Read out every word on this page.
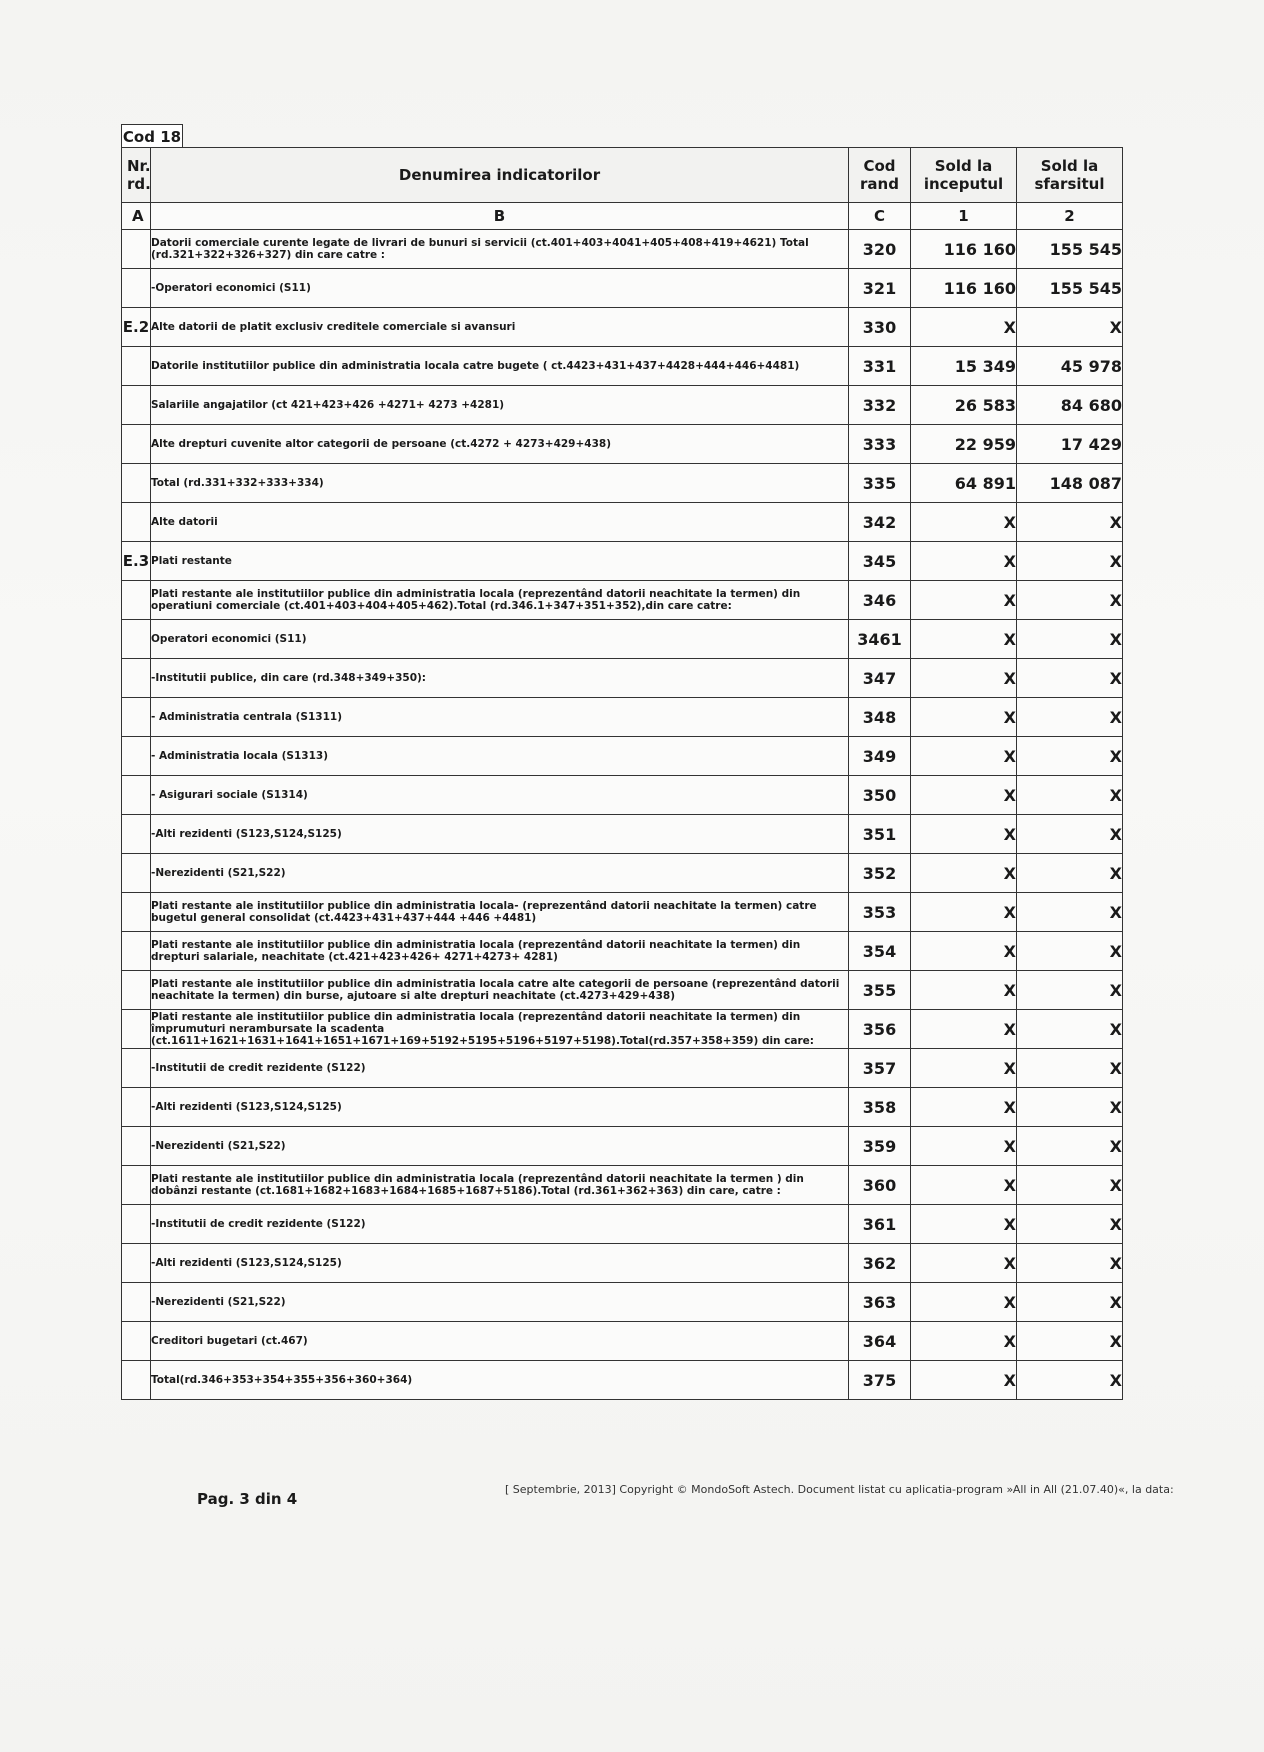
Cod 18
Nr. rd.	Denumirea indicatorilor	Cod rand	Sold la inceputul	Sold la sfarsitul
A	B	C	1	2
	Datorii comerciale curente legate de livrari de bunuri si servicii (ct.401+403+4041+405+408+419+4621) Total (rd.321+322+326+327) din care catre :	320	116 160	155 545
	-Operatori economici (S11)	321	116 160	155 545
E.2	Alte datorii de platit exclusiv creditele comerciale si avansuri	330	X	X
	Datorile institutiilor publice din administratia locala catre bugete ( ct.4423+431+437+4428+444+446+4481)	331	15 349	45 978
	Salariile angajatilor (ct 421+423+426 +4271+ 4273 +4281)	332	26 583	84 680
	Alte drepturi cuvenite altor categorii de persoane (ct.4272 + 4273+429+438)	333	22 959	17 429
	Total (rd.331+332+333+334)	335	64 891	148 087
	Alte datorii	342	X	X
E.3	Plati restante	345	X	X
	Plati restante ale institutiilor publice din administratia locala (reprezentând datorii neachitate la termen) din operatiuni comerciale (ct.401+403+404+405+462).Total (rd.346.1+347+351+352),din care catre:	346	X	X
	Operatori economici (S11)	3461	X	X
	-Institutii publice, din care (rd.348+349+350):	347	X	X
	- Administratia centrala (S1311)	348	X	X
	- Administratia locala (S1313)	349	X	X
	- Asigurari sociale (S1314)	350	X	X
	-Alti rezidenti (S123,S124,S125)	351	X	X
	-Nerezidenti (S21,S22)	352	X	X
	Plati restante ale institutiilor publice din administratia locala- (reprezentând datorii neachitate la termen) catre bugetul general consolidat (ct.4423+431+437+444 +446 +4481)	353	X	X
	Plati restante ale institutiilor publice din administratia locala (reprezentând datorii neachitate la termen) din drepturi salariale, neachitate (ct.421+423+426+ 4271+4273+ 4281)	354	X	X
	Plati restante ale institutiilor publice din administratia locala catre alte categorii de persoane (reprezentând datorii neachitate la termen) din burse, ajutoare si alte drepturi neachitate (ct.4273+429+438)	355	X	X
	Plati restante ale institutiilor publice din administratia locala (reprezentând datorii neachitate la termen) din împrumuturi nerambursate la scadenta (ct.1611+1621+1631+1641+1651+1671+169+5192+5195+5196+5197+5198).Total(rd.357+358+359) din care:	356	X	X
	-Institutii de credit rezidente (S122)	357	X	X
	-Alti rezidenti (S123,S124,S125)	358	X	X
	-Nerezidenti (S21,S22)	359	X	X
	Plati restante ale institutiilor publice din administratia locala (reprezentând datorii neachitate la termen ) din dobânzi restante (ct.1681+1682+1683+1684+1685+1687+5186).Total (rd.361+362+363) din care, catre :	360	X	X
	-Institutii de credit rezidente (S122)	361	X	X
	-Alti rezidenti (S123,S124,S125)	362	X	X
	-Nerezidenti (S21,S22)	363	X	X
	Creditori bugetari (ct.467)	364	X	X
	Total(rd.346+353+354+355+356+360+364)	375	X	X
Pag. 3 din 4
[ Septembrie, 2013] Copyright © MondoSoft Astech. Document listat cu aplicatia-program »All in All (21.07.40)«, la data:
